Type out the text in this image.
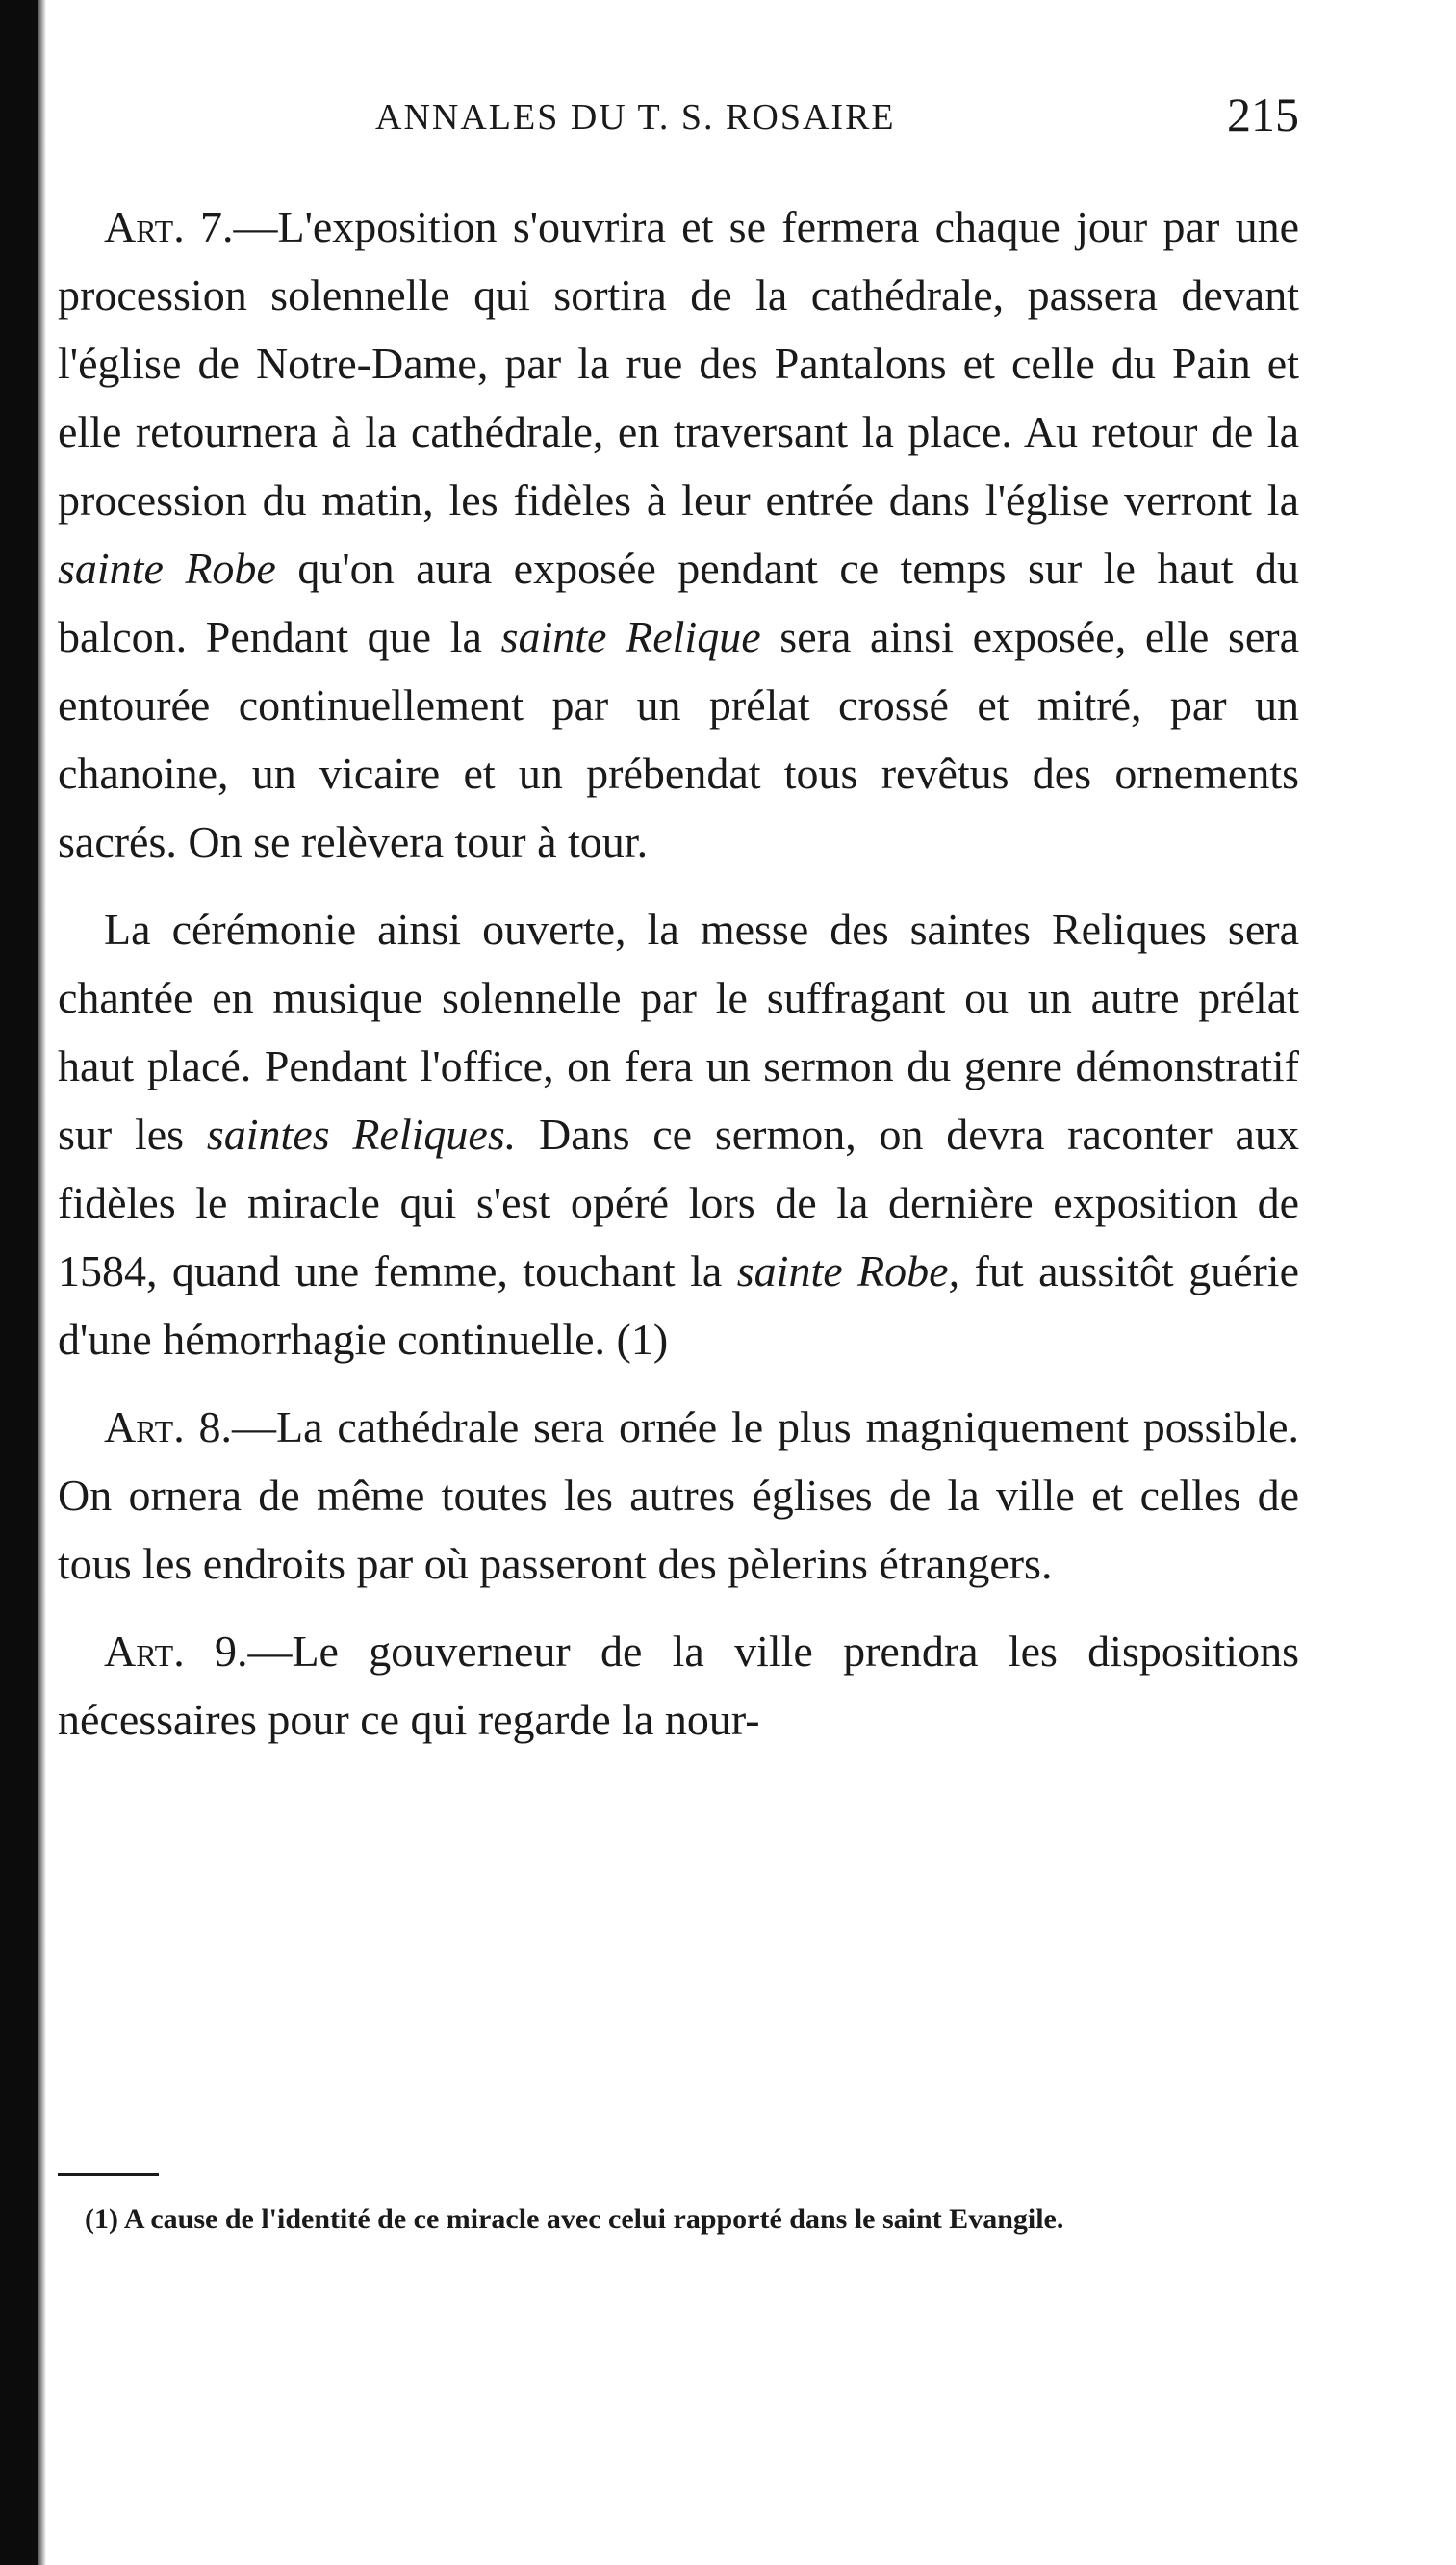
ANNALES DU T. S. ROSAIRE	215

Art. 7.—L'exposition s'ouvrira et se fermera chaque jour par une procession solennelle qui sortira de la cathédrale, passera devant l'église de Notre-Dame, par la rue des Pantalons et celle du Pain et elle retournera à la cathédrale, en traversant la place. Au retour de la procession du matin, les fidèles à leur entrée dans l'église verront la sainte Robe qu'on aura exposée pendant ce temps sur le haut du balcon. Pendant que la sainte Relique sera ainsi exposée, elle sera entourée continuellement par un prélat crossé et mitré, par un chanoine, un vicaire et un prébendat tous revêtus des ornements sacrés. On se relèvera tour à tour.

La cérémonie ainsi ouverte, la messe des saintes Reliques sera chantée en musique solennelle par le suffragant ou un autre prélat haut placé. Pendant l'office, on fera un sermon du genre démonstratif sur les saintes Reliques. Dans ce sermon, on devra raconter aux fidèles le miracle qui s'est opéré lors de la dernière exposition de 1584, quand une femme, touchant la sainte Robe, fut aussitôt guérie d'une hémorrhagie continuelle. (1)

Art. 8.—La cathédrale sera ornée le plus magniquement possible. On ornera de même toutes les autres églises de la ville et celles de tous les endroits par où passeront des pèlerins étrangers.

Art. 9.—Le gouverneur de la ville prendra les dispositions nécessaires pour ce qui regarde la nour-

(1) A cause de l'identité de ce miracle avec celui rapporté dans le saint Evangile.
